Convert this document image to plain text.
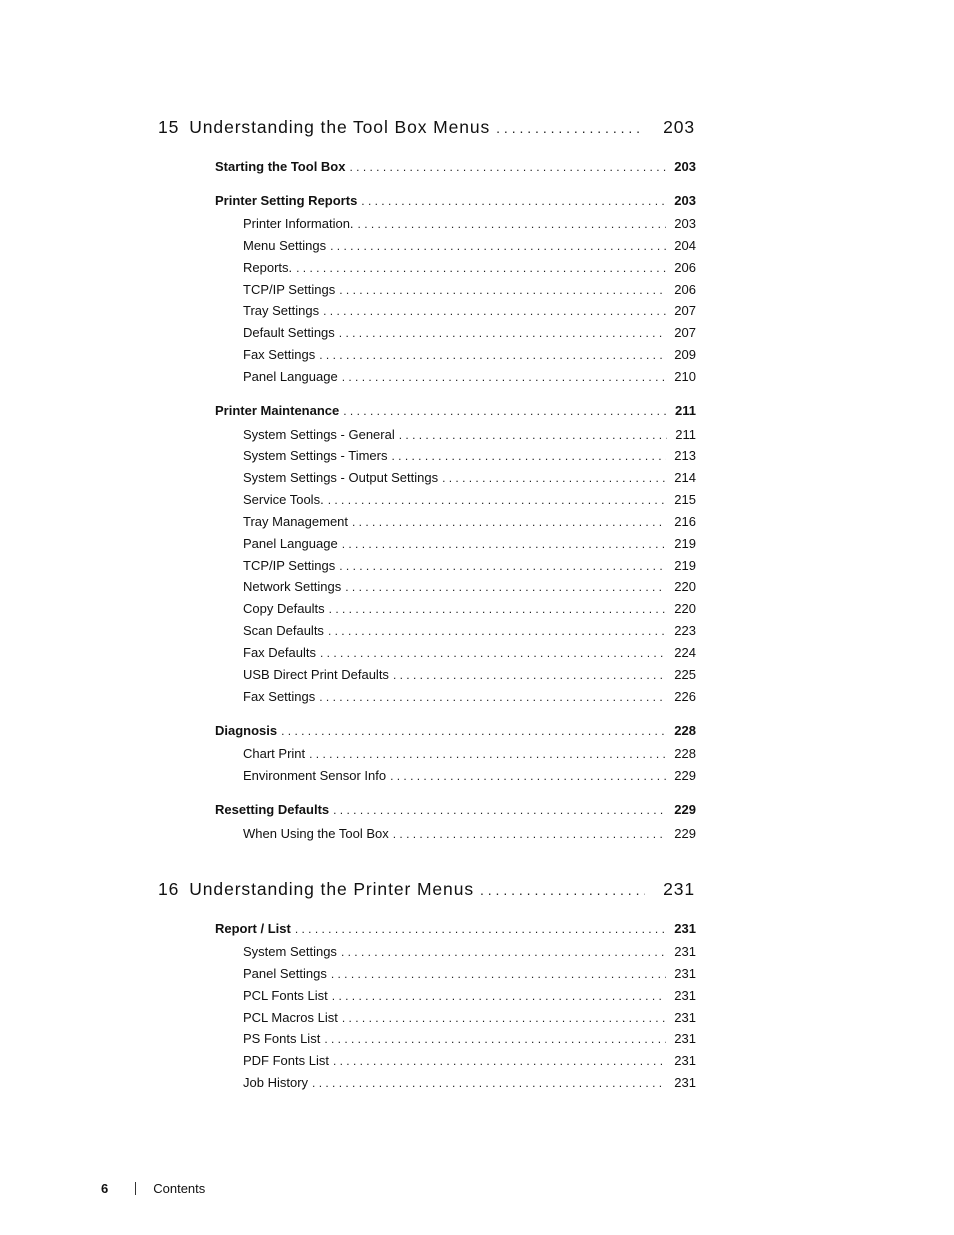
15 Understanding the Tool Box Menus . . .	203
Starting the Tool Box . . .	203
Printer Setting Reports . . .	203
Printer Information. . . .	203
Menu Settings . . .	204
Reports. . . .	206
TCP/IP Settings . . .	206
Tray Settings . . .	207
Default Settings . . .	207
Fax Settings . . .	209
Panel Language . . .	210
Printer Maintenance . . .	211
System Settings - General . . .	211
System Settings - Timers . . .	213
System Settings - Output Settings . . .	214
Service Tools. . . .	215
Tray Management . . .	216
Panel Language . . .	219
TCP/IP Settings . . .	219
Network Settings . . .	220
Copy Defaults . . .	220
Scan Defaults . . .	223
Fax Defaults . . .	224
USB Direct Print Defaults . . .	225
Fax Settings . . .	226
Diagnosis . . .	228
Chart Print . . .	228
Environment Sensor Info . . .	229
Resetting Defaults . . .	229
When Using the Tool Box . . .	229
16 Understanding the Printer Menus . . .	231
Report / List . . .	231
System Settings . . .	231
Panel Settings . . .	231
PCL Fonts List . . .	231
PCL Macros List . . .	231
PS Fonts List . . .	231
PDF Fonts List . . .	231
Job History . . .	231
6	Contents
